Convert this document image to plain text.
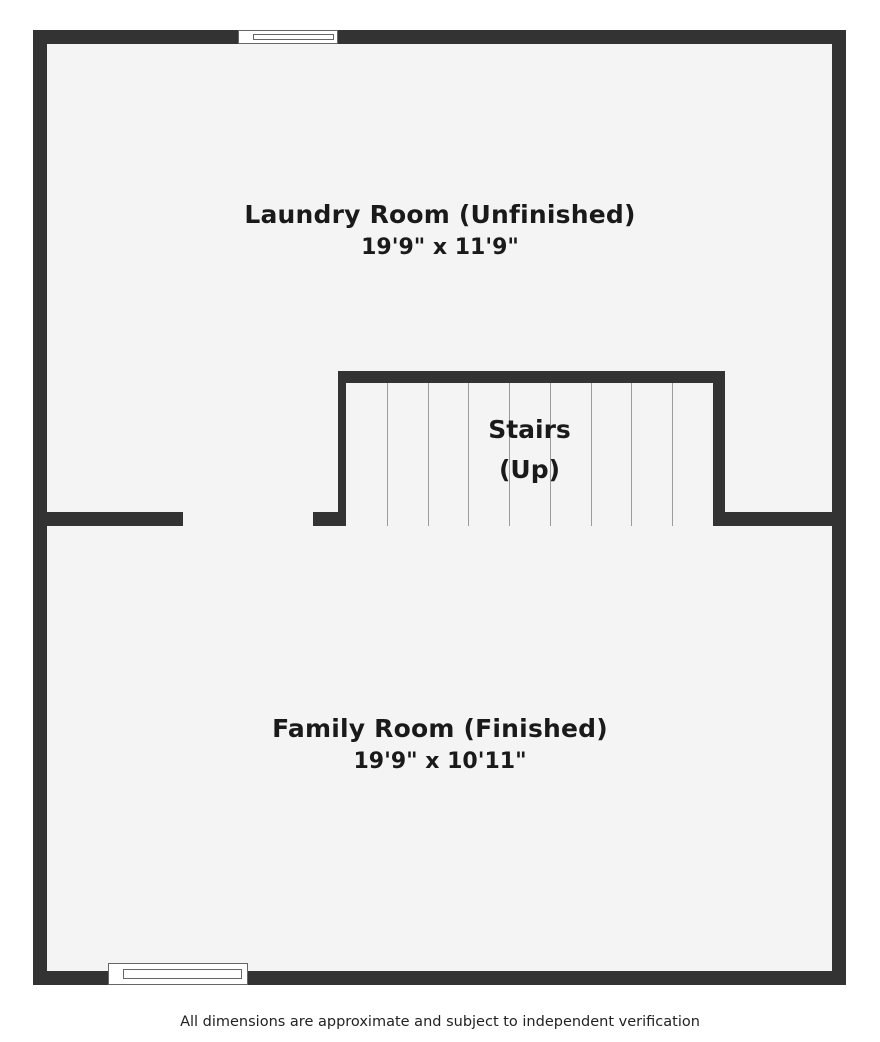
Stairs
(Up)
Laundry Room (Unfinished)
19'9" x 11'9"
Family Room (Finished)
19'9" x 10'11"
All dimensions are approximate and subject to independent verification
